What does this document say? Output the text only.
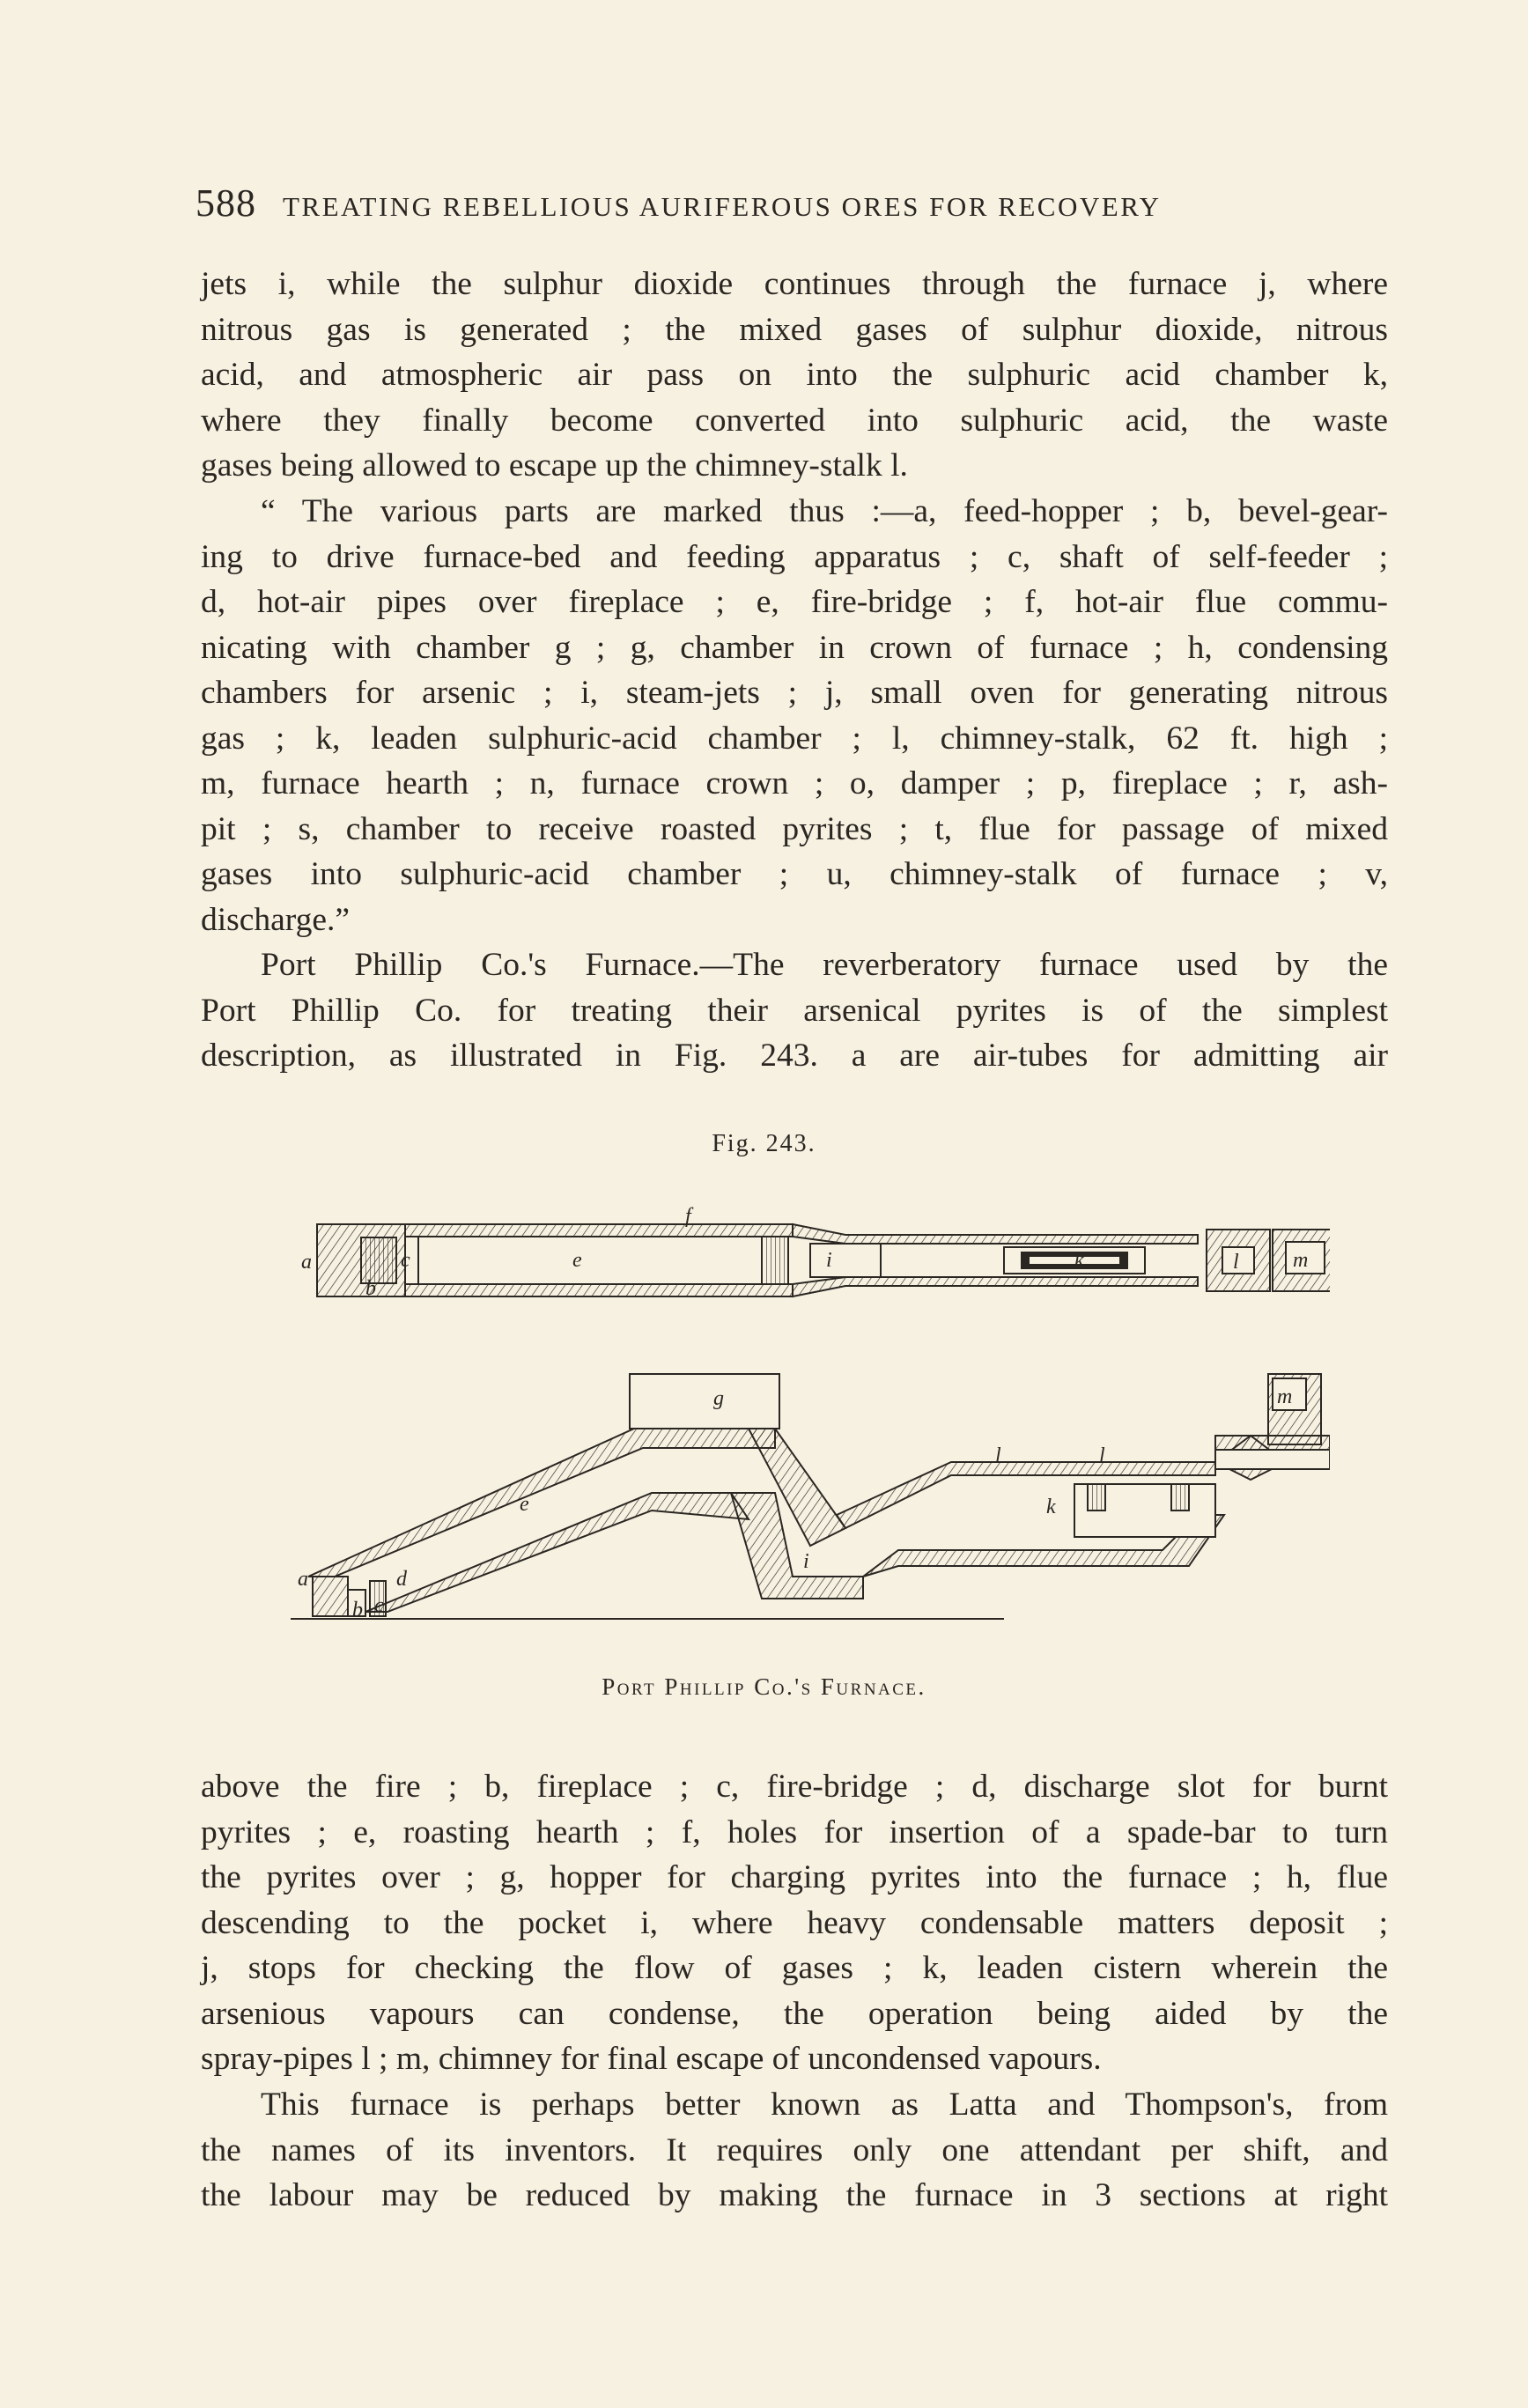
588 TREATING REBELLIOUS AURIFEROUS ORES FOR RECOVERY
jets i, while the sulphur dioxide continues through the furnace j, where
nitrous gas is generated ; the mixed gases of sulphur dioxide, nitrous
acid, and atmospheric air pass on into the sulphuric acid chamber k,
where they finally become converted into sulphuric acid, the waste
gases being allowed to escape up the chimney-stalk l.
“ The various parts are marked thus :—a, feed-hopper ; b, bevel-gear-
ing to drive furnace-bed and feeding apparatus ; c, shaft of self-feeder ;
d, hot-air pipes over fireplace ; e, fire-bridge ; f, hot-air flue commu-
nicating with chamber g ; g, chamber in crown of furnace ; h, condensing
chambers for arsenic ; i, steam-jets ; j, small oven for generating nitrous
gas ; k, leaden sulphuric-acid chamber ; l, chimney-stalk, 62 ft. high ;
m, furnace hearth ; n, furnace crown ; o, damper ; p, fireplace ; r, ash-
pit ; s, chamber to receive roasted pyrites ; t, flue for passage of mixed
gases into sulphuric-acid chamber ; u, chimney-stalk of furnace ; v,
discharge.”
Port Phillip Co.'s Furnace.—The reverberatory furnace used by the
Port Phillip Co. for treating their arsenical pyrites is of the simplest
description, as illustrated in Fig. 243. a are air-tubes for admitting air
Fig. 243.
a
b
c	e
f
i	k	l	m
a
b c
d
e
g
i
l	l
k
m
Port Phillip Co.'s Furnace.
above the fire ; b, fireplace ; c, fire-bridge ; d, discharge slot for burnt
pyrites ; e, roasting hearth ; f, holes for insertion of a spade-bar to turn
the pyrites over ; g, hopper for charging pyrites into the furnace ; h, flue
descending to the pocket i, where heavy condensable matters deposit ;
j, stops for checking the flow of gases ; k, leaden cistern wherein the
arsenious vapours can condense, the operation being aided by the
spray-pipes l ; m, chimney for final escape of uncondensed vapours.
This furnace is perhaps better known as Latta and Thompson's, from
the names of its inventors. It requires only one attendant per shift, and
the labour may be reduced by making the furnace in 3 sections at right
